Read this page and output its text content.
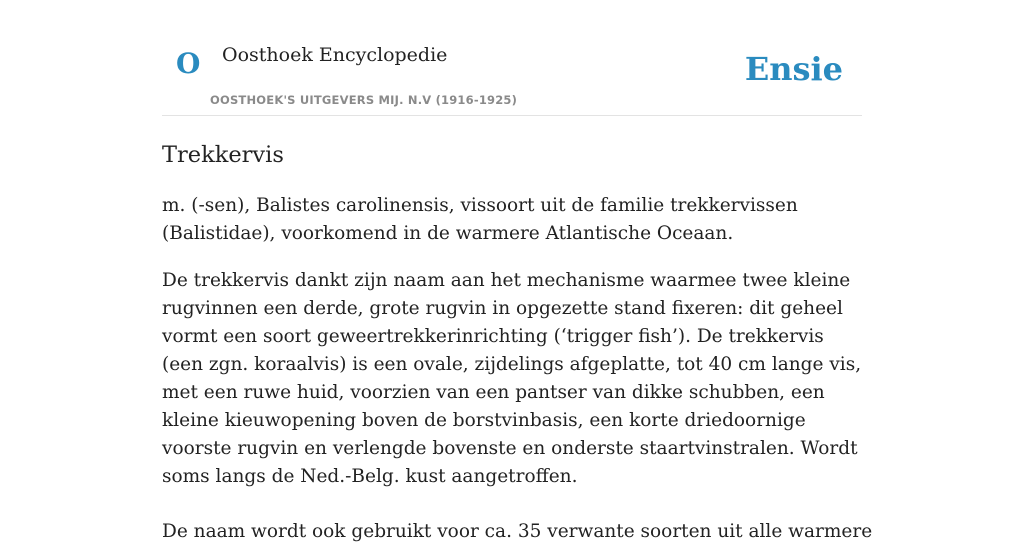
O Oosthoek Encyclopedie
OOSTHOEK'S UITGEVERS MIJ. N.V (1916-1925)
Ensie
Trekkervis

m. (-sen), Balistes carolinensis, vissoort uit de familie trekkervissen (Balistidae), voorkomend in de warmere Atlantische Oceaan.

De trekkervis dankt zijn naam aan het mechanisme waarmee twee kleine rugvinnen een derde, grote rugvin in opgezette stand fixeren: dit geheel vormt een soort geweertrekkerinrichting (‘trigger fish’). De trekkervis (een zgn. koraalvis) is een ovale, zijdelings afgeplatte, tot 40 cm lange vis, met een ruwe huid, voorzien van een pantser van dikke schubben, een kleine kieuwopening boven de borstvinbasis, een korte driedoornige voorste rugvin en verlengde bovenste en onderste staartvinstralen. Wordt soms langs de Ned.-Belg. kust aangetroffen.

De naam wordt ook gebruikt voor ca. 35 verwante soorten uit alle warmere
